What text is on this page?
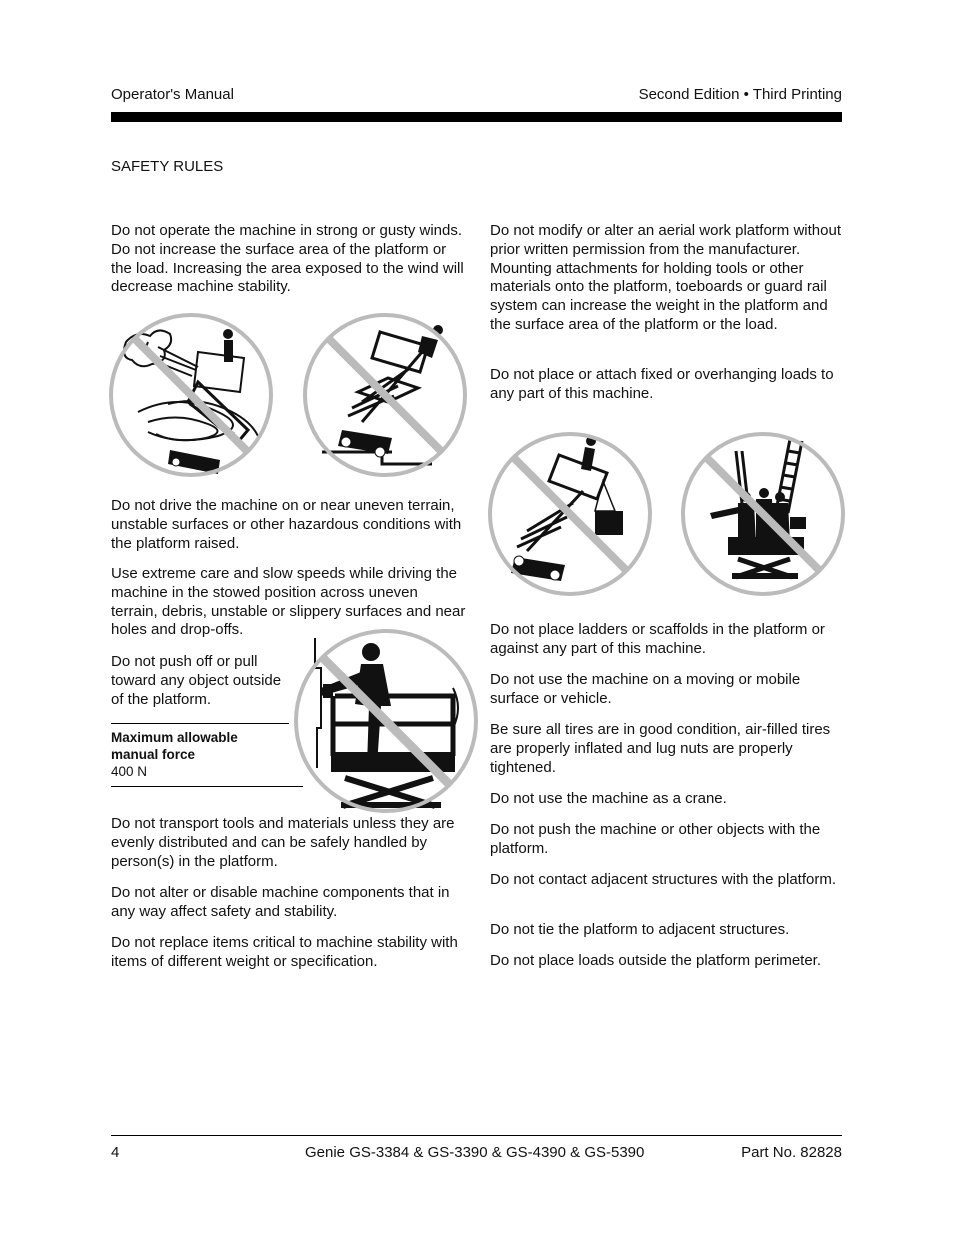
Operator's Manual	Second Edition • Third Printing
SAFETY RULES

Do not operate the machine in strong or gusty winds. Do not increase the surface area of the platform or the load. Increasing the area exposed to the wind will decrease machine stability.

Do not drive the machine on or near uneven terrain, unstable surfaces or other hazardous conditions with the platform raised.

Use extreme care and slow speeds while driving the machine in the stowed position across uneven terrain, debris, unstable or slippery surfaces and near holes and drop-offs.

Do not push off or pull toward any object outside of the platform.

Maximum allowable manual force
400 N

Do not transport tools and materials unless they are evenly distributed and can be safely handled by person(s) in the platform.

Do not alter or disable machine components that in any way affect safety and stability.

Do not replace items critical to machine stability with items of different weight or specification.

Do not modify or alter an aerial work platform without prior written permission from the manufacturer. Mounting attachments for holding tools or other materials onto the platform, toeboards or guard rail system can increase the weight in the platform and the surface area of the platform or the load.

Do not place or attach fixed or overhanging loads to any part of this machine.

Do not place ladders or scaffolds in the platform or against any part of this machine.

Do not use the machine on a moving or mobile surface or vehicle.

Be sure all tires are in good condition, air-filled tires are properly inflated and lug nuts are properly tightened.

Do not use the machine as a crane.

Do not push the machine or other objects with the platform.

Do not contact adjacent structures with the platform.

Do not tie the platform to adjacent structures.

Do not place loads outside the platform perimeter.

4	Genie GS-3384 & GS-3390 & GS-4390 & GS-5390	Part No. 82828
